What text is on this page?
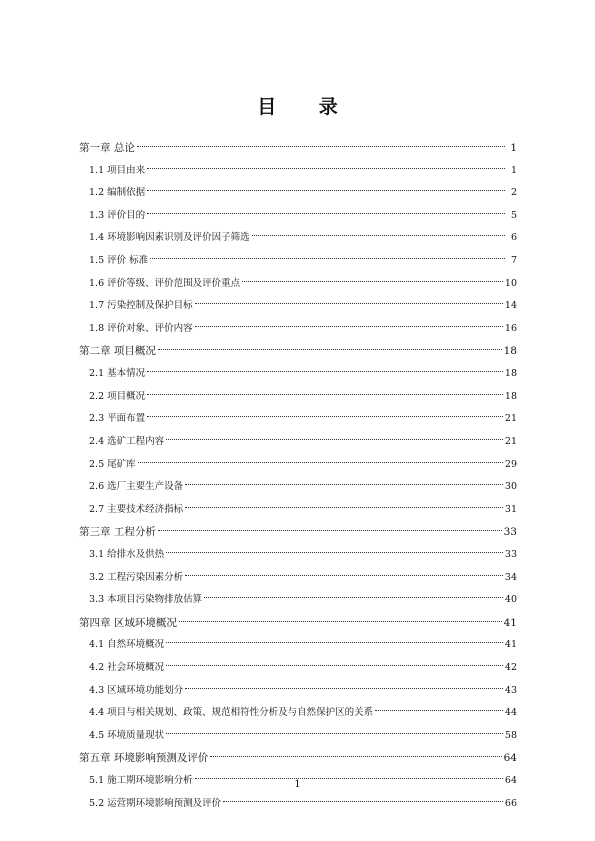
目 录
第一章 总论	1
1.1 项目由来	1
1.2 编制依据	2
1.3 评价目的	5
1.4 环境影响因素识别及评价因子筛选	6
1.5 评价 标准	7
1.6 评价等级、评价范围及评价重点	10
1.7 污染控制及保护目标	14
1.8 评价对象、评价内容	16
第二章 项目概况	18
2.1 基本情况	18
2.2 项目概况	18
2.3 平面布置	21
2.4 选矿工程内容	21
2.5 尾矿库	29
2.6 选厂主要生产设备	30
2.7 主要技术经济指标	31
第三章 工程分析	33
3.1 给排水及供热	33
3.2 工程污染因素分析	34
3.3 本项目污染物排放估算	40
第四章 区域环境概况	41
4.1 自然环境概况	41
4.2 社会环境概况	42
4.3 区域环境功能划分	43
4.4 项目与相关规划、政策、规范相符性分析及与自然保护区的关系	44
4.5 环境质量现状	58
第五章 环境影响预测及评价	64
5.1 施工期环境影响分析	64
5.2 运营期环境影响预测及评价	66
1
